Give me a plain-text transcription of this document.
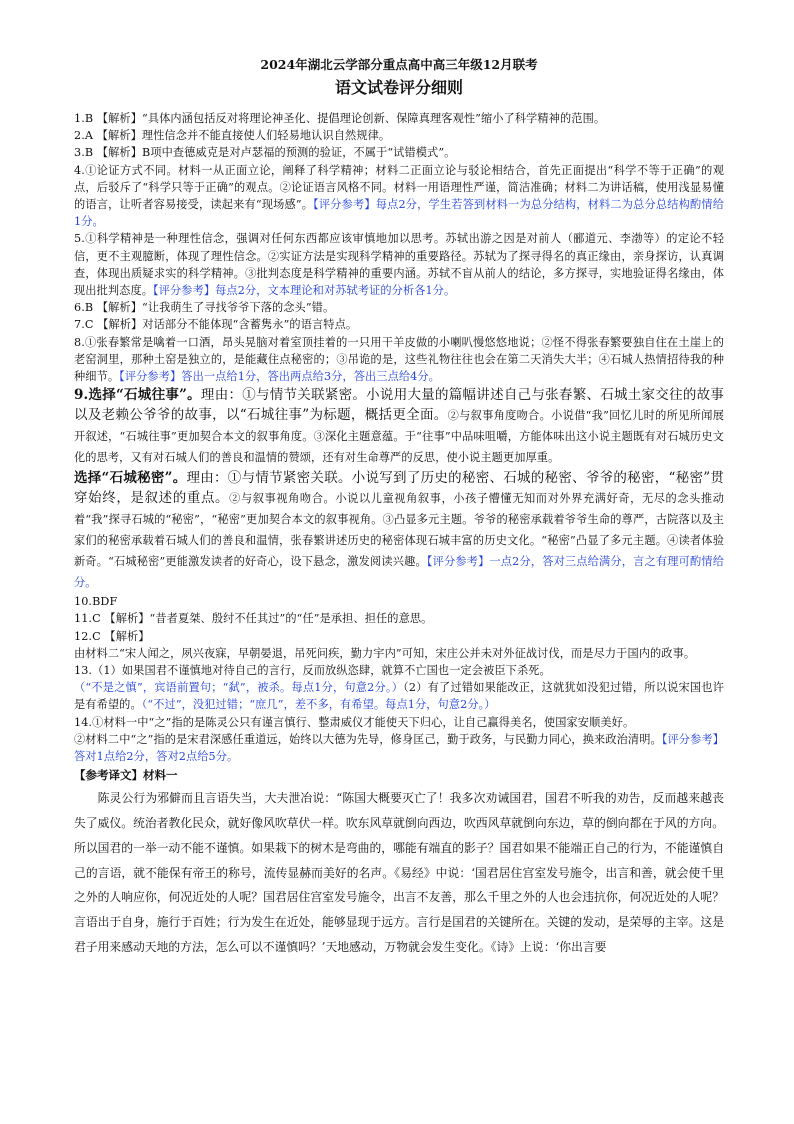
2024年湖北云学部分重点高中高三年级12月联考

语文试卷评分细则

1.B 【解析】“具体内涵包括反对将理论神圣化、提倡理论创新、保障真理客观性”缩小了科学精神的范围。

2.A 【解析】理性信念并不能直接使人们轻易地认识自然规律。

3.B 【解析】B项中查德威克是对卢瑟福的预测的验证，不属于“试错模式”。

4.①论证方式不同。材料一从正面立论，阐释了科学精神；材料二正面立论与驳论相结合，首先正面提出“科学不等于正确”的观点，后驳斥了“科学只等于正确”的观点。②论证语言风格不同。材料一用语理性严谨，简洁准确；材料二为讲话稿，使用浅显易懂的语言，让听者容易接受，读起来有“现场感”。【评分参考】每点2分，学生若答到材料一为总分结构，材料二为总分总结构酌情给1分。

5.①科学精神是一种理性信念，强调对任何东西都应该审慎地加以思考。苏轼出游之因是对前人（郦道元、李渤等）的定论不轻信，更不主观臆断，体现了理性信念。②实证方法是实现科学精神的重要路径。苏轼为了探寻得名的真正缘由，亲身探访，认真调查，体现出质疑求实的科学精神。③批判态度是科学精神的重要内涵。苏轼不盲从前人的结论，多方探寻，实地验证得名缘由，体现出批判态度。【评分参考】每点2分，文本理论和对苏轼考证的分析各1分。

6.B 【解析】“让我萌生了寻找爷爷下落的念头”错。

7.C 【解析】对话部分不能体现“含蓄隽永”的语言特点。

8.①张春繁常是噙着一口酒，昂头晃脑对着室顶挂着的一只用干羊皮做的小喇叭慢悠悠地说；②怪不得张春繁要独自住在土崖上的老窑洞里，那种土窑是独立的，是能藏住点秘密的；③吊诡的是，这些礼物往往也会在第二天消失大半；④石城人热情招待我的种种细节。【评分参考】答出一点给1分，答出两点给3分，答出三点给4分。

9.选择“石城往事”。理由：①与情节关联紧密。小说用大量的篇幅讲述自己与张春繁、石城土家交往的故事以及老赖公爷爷的故事，以“石城往事”为标题，概括更全面。②与叙事角度吻合。小说借“我”回忆儿时的所见所闻展开叙述，“石城往事”更加契合本文的叙事角度。③深化主题意蕴。于“往事”中品味咀嚼，方能体味出这小说主题既有对石城历史文化的思考，又有对石城人们的善良和温情的赞颂，还有对生命尊严的反思，使小说主题更加厚重。

选择“石城秘密”。理由：①与情节紧密关联。小说写到了历史的秘密、石城的秘密、爷爷的秘密，“秘密”贯穿始终，是叙述的重点。②与叙事视角吻合。小说以儿童视角叙事，小孩子懵懂无知而对外界充满好奇，无尽的念头推动着“我”探寻石城的“秘密”，“秘密”更加契合本文的叙事视角。③凸显多元主题。爷爷的秘密承载着爷爷生命的尊严，古院落以及主家们的秘密承载着石城人们的善良和温情，张春繁讲述历史的秘密体现石城丰富的历史文化。“秘密”凸显了多元主题。④读者体验新奇。“石城秘密”更能激发读者的好奇心，设下悬念，激发阅读兴趣。【评分参考】一点2分，答对三点给满分，言之有理可酌情给分。

10.BDF

11.C 【解析】“昔者夏桀、殷纣不任其过”的“任”是承担、担任的意思。

12.C 【解析】

由材料二“宋人闻之，夙兴夜寐，早朝晏退，吊死问疾，勤力宇内”可知，宋庄公并未对外征战讨伐，而是尽力于国内的政事。

13.（1）如果国君不谨慎地对待自己的言行，反而放纵恣肆，就算不亡国也一定会被臣下杀死。
（“不是之慎”，宾语前置句；“弑”，被杀。每点1分，句意2分。）（2）有了过错如果能改正，这就犹如没犯过错，所以说宋国也许是有希望的。（“不过”，没犯过错；“庶几”，差不多，有希望。每点1分，句意2分。）

14.①材料一中“之”指的是陈灵公只有谨言慎行、整肃威仪才能使天下归心，让自己赢得美名，使国家安顺美好。
②材料二中“之”指的是宋君深感任重道远，始终以大德为先导，修身匡己，勤于政务，与民勤力同心，换来政治清明。【评分参考】答对1点给2分，答对2点给5分。

【参考译文】材料一

陈灵公行为邪僻而且言语失当，大夫泄冶说：“陈国大概要灭亡了！我多次劝诫国君，国君不听我的劝告，反而越来越丧失了威仪。统治者教化民众，就好像风吹草伏一样。吹东风草就倒向西边，吹西风草就倒向东边，草的倒向都在于风的方向。所以国君的一举一动不能不谨慎。如果栽下的树木是弯曲的，哪能有端直的影子？国君如果不能端正自己的行为，不能谨慎自己的言语，就不能保有帝王的称号，流传显赫而美好的名声。《易经》中说：‘国君居住宫室发号施令，出言和善，就会使千里之外的人响应你，何况近处的人呢？国君居住宫室发号施令，出言不友善，那么千里之外的人也会违抗你，何况近处的人呢？言语出于自身，施行于百姓；行为发生在近处，能够显现于远方。言行是国君的关键所在。关键的发动，是荣辱的主宰。这是君子用来感动天地的方法，怎么可以不谨慎吗？’天地感动，万物就会发生变化。《诗》上说：‘你出言要
